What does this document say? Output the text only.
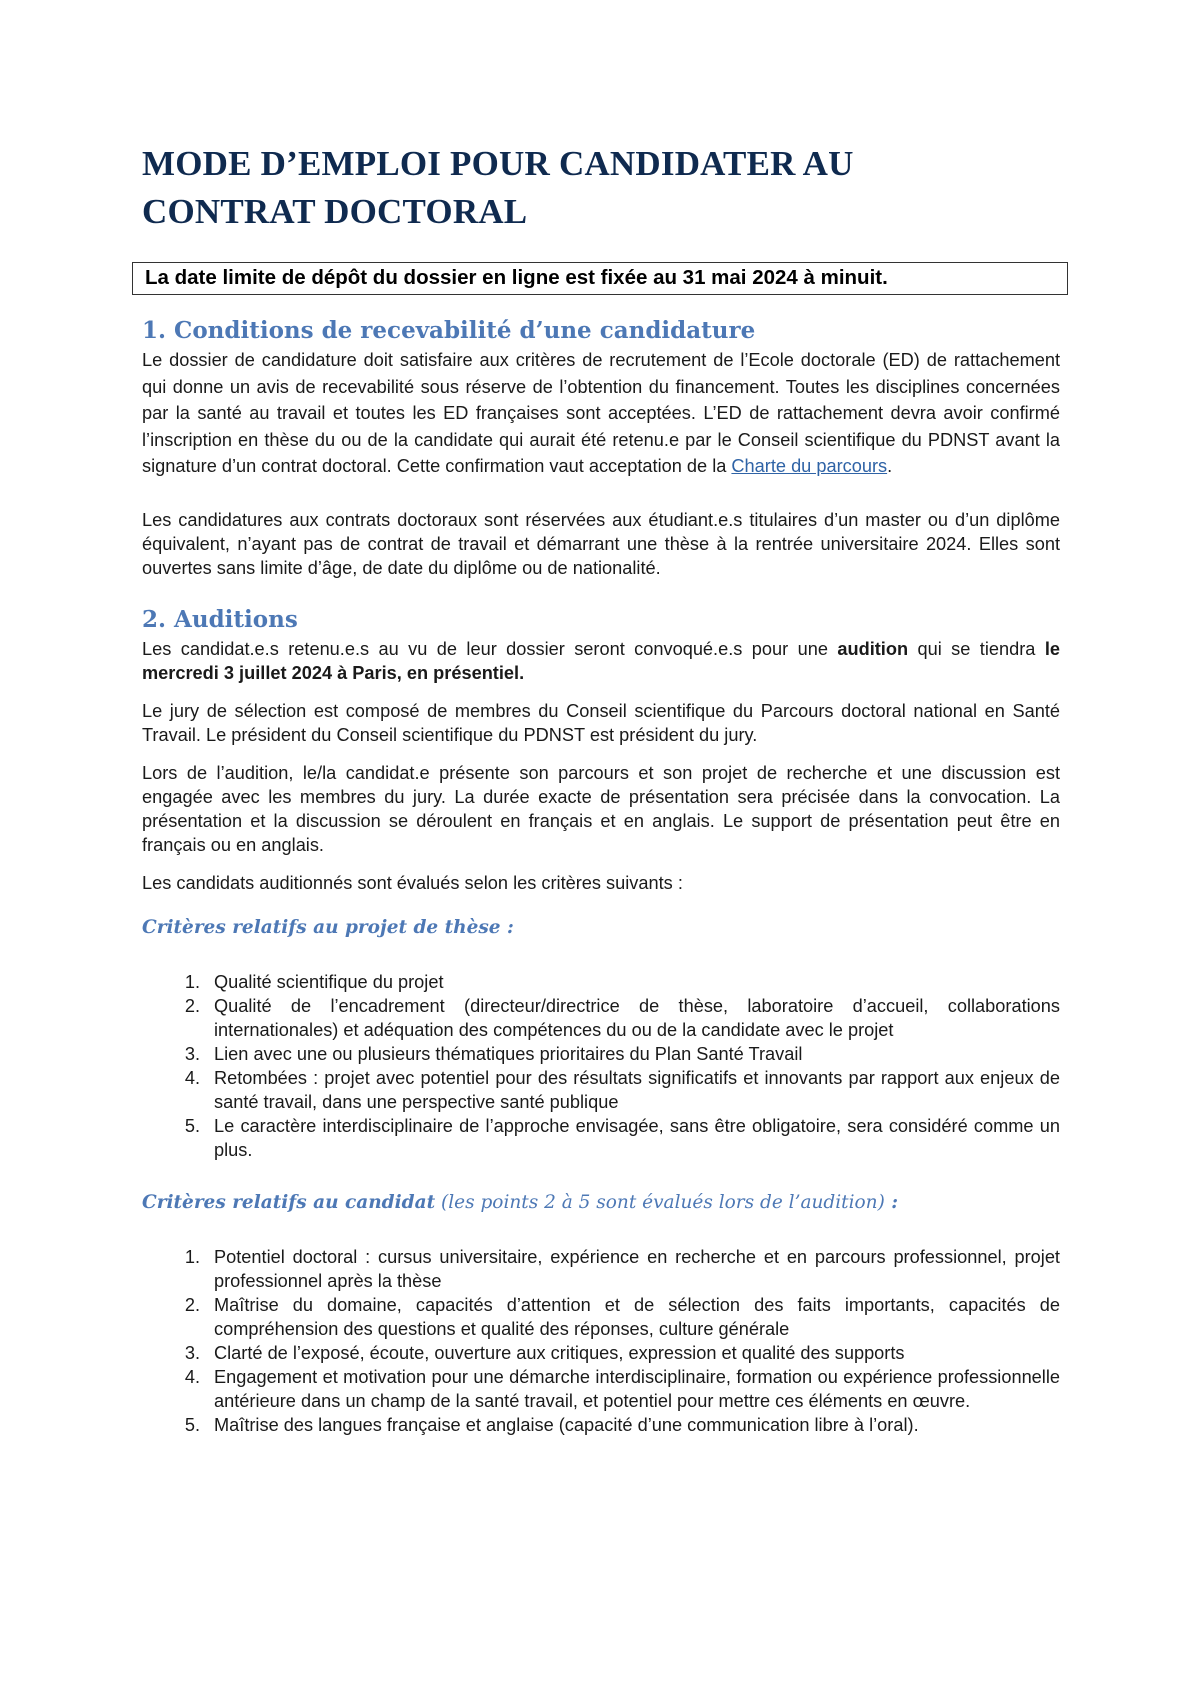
MODE D’EMPLOI POUR CANDIDATER AU
CONTRAT DOCTORAL
La date limite de dépôt du dossier en ligne est fixée au 31 mai 2024 à minuit.
1. Conditions de recevabilité d’une candidature

Le dossier de candidature doit satisfaire aux critères de recrutement de l’Ecole doctorale (ED) de rattachement qui donne un avis de recevabilité sous réserve de l’obtention du financement. Toutes les disciplines concernées par la santé au travail et toutes les ED françaises sont acceptées. L’ED de rattachement devra avoir confirmé l’inscription en thèse du ou de la candidate qui aurait été retenu.e par le Conseil scientifique du PDNST avant la signature d’un contrat doctoral. Cette confirmation vaut acceptation de la Charte du parcours.

Les candidatures aux contrats doctoraux sont réservées aux étudiant.e.s titulaires d’un master ou d’un diplôme équivalent, n’ayant pas de contrat de travail et démarrant une thèse à la rentrée universitaire 2024. Elles sont ouvertes sans limite d’âge, de date du diplôme ou de nationalité.

2. Auditions

Les candidat.e.s retenu.e.s au vu de leur dossier seront convoqué.e.s pour une audition qui se tiendra le mercredi 3 juillet 2024 à Paris, en présentiel.

Le jury de sélection est composé de membres du Conseil scientifique du Parcours doctoral national en Santé Travail. Le président du Conseil scientifique du PDNST est président du jury.

Lors de l’audition, le/la candidat.e présente son parcours et son projet de recherche et une discussion est engagée avec les membres du jury. La durée exacte de présentation sera précisée dans la convocation. La présentation et la discussion se déroulent en français et en anglais. Le support de présentation peut être en français ou en anglais.

Les candidats auditionnés sont évalués selon les critères suivants :

Critères relatifs au projet de thèse :

1. Qualité scientifique du projet
2. Qualité de l’encadrement (directeur/directrice de thèse, laboratoire d’accueil, collaborations internationales) et adéquation des compétences du ou de la candidate avec le projet
3. Lien avec une ou plusieurs thématiques prioritaires du Plan Santé Travail
4. Retombées : projet avec potentiel pour des résultats significatifs et innovants par rapport aux enjeux de santé travail, dans une perspective santé publique
5. Le caractère interdisciplinaire de l’approche envisagée, sans être obligatoire, sera considéré comme un plus.

Critères relatifs au candidat (les points 2 à 5 sont évalués lors de l’audition) :

1. Potentiel doctoral : cursus universitaire, expérience en recherche et en parcours professionnel, projet professionnel après la thèse
2. Maîtrise du domaine, capacités d’attention et de sélection des faits importants, capacités de compréhension des questions et qualité des réponses, culture générale
3. Clarté de l’exposé, écoute, ouverture aux critiques, expression et qualité des supports
4. Engagement et motivation pour une démarche interdisciplinaire, formation ou expérience professionnelle antérieure dans un champ de la santé travail, et potentiel pour mettre ces éléments en œuvre.
5. Maîtrise des langues française et anglaise (capacité d’une communication libre à l’oral).
